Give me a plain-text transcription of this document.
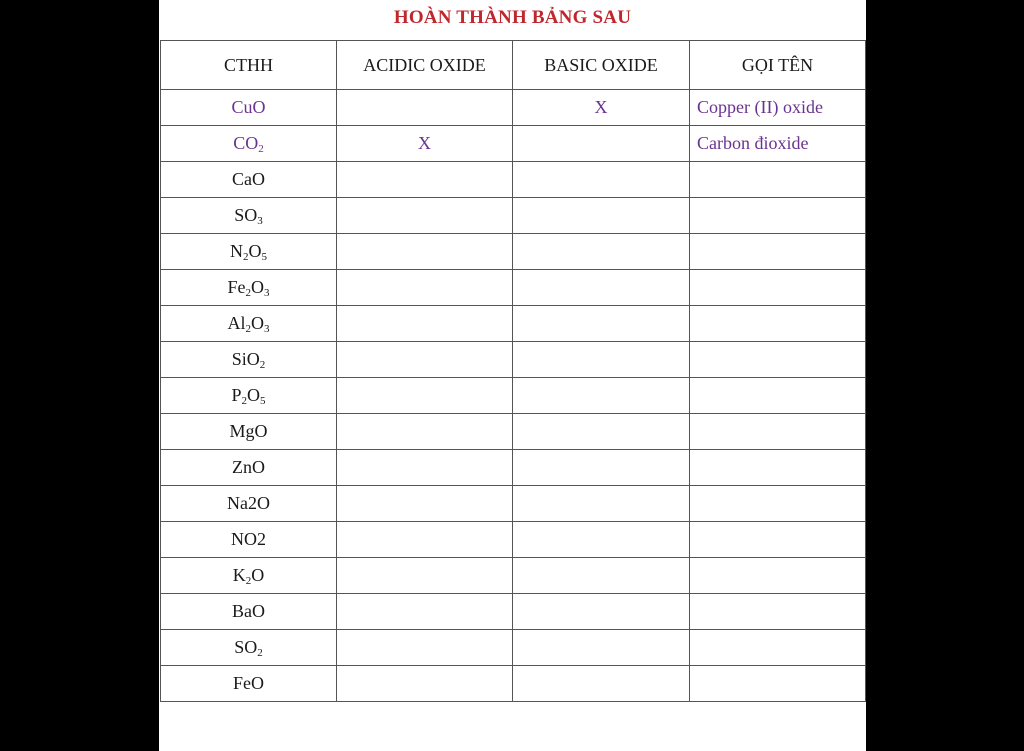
HOÀN THÀNH BẢNG SAU
CTHH	ACIDIC OXIDE	BASIC OXIDE	GỌI TÊN
CuO		X	Copper (II) oxide
$CO_2$	X		Carbon đioxide
CaO			
$SO_3$			
$N_2O_5$			
$Fe_2O_3$			
$Al_2O_3$			
SiO$_2$			
$P_2O_5$			
MgO			
ZnO			
Na2O			
NO2			
$K_2O$			
BaO			
$SO_2$			
FeO			
